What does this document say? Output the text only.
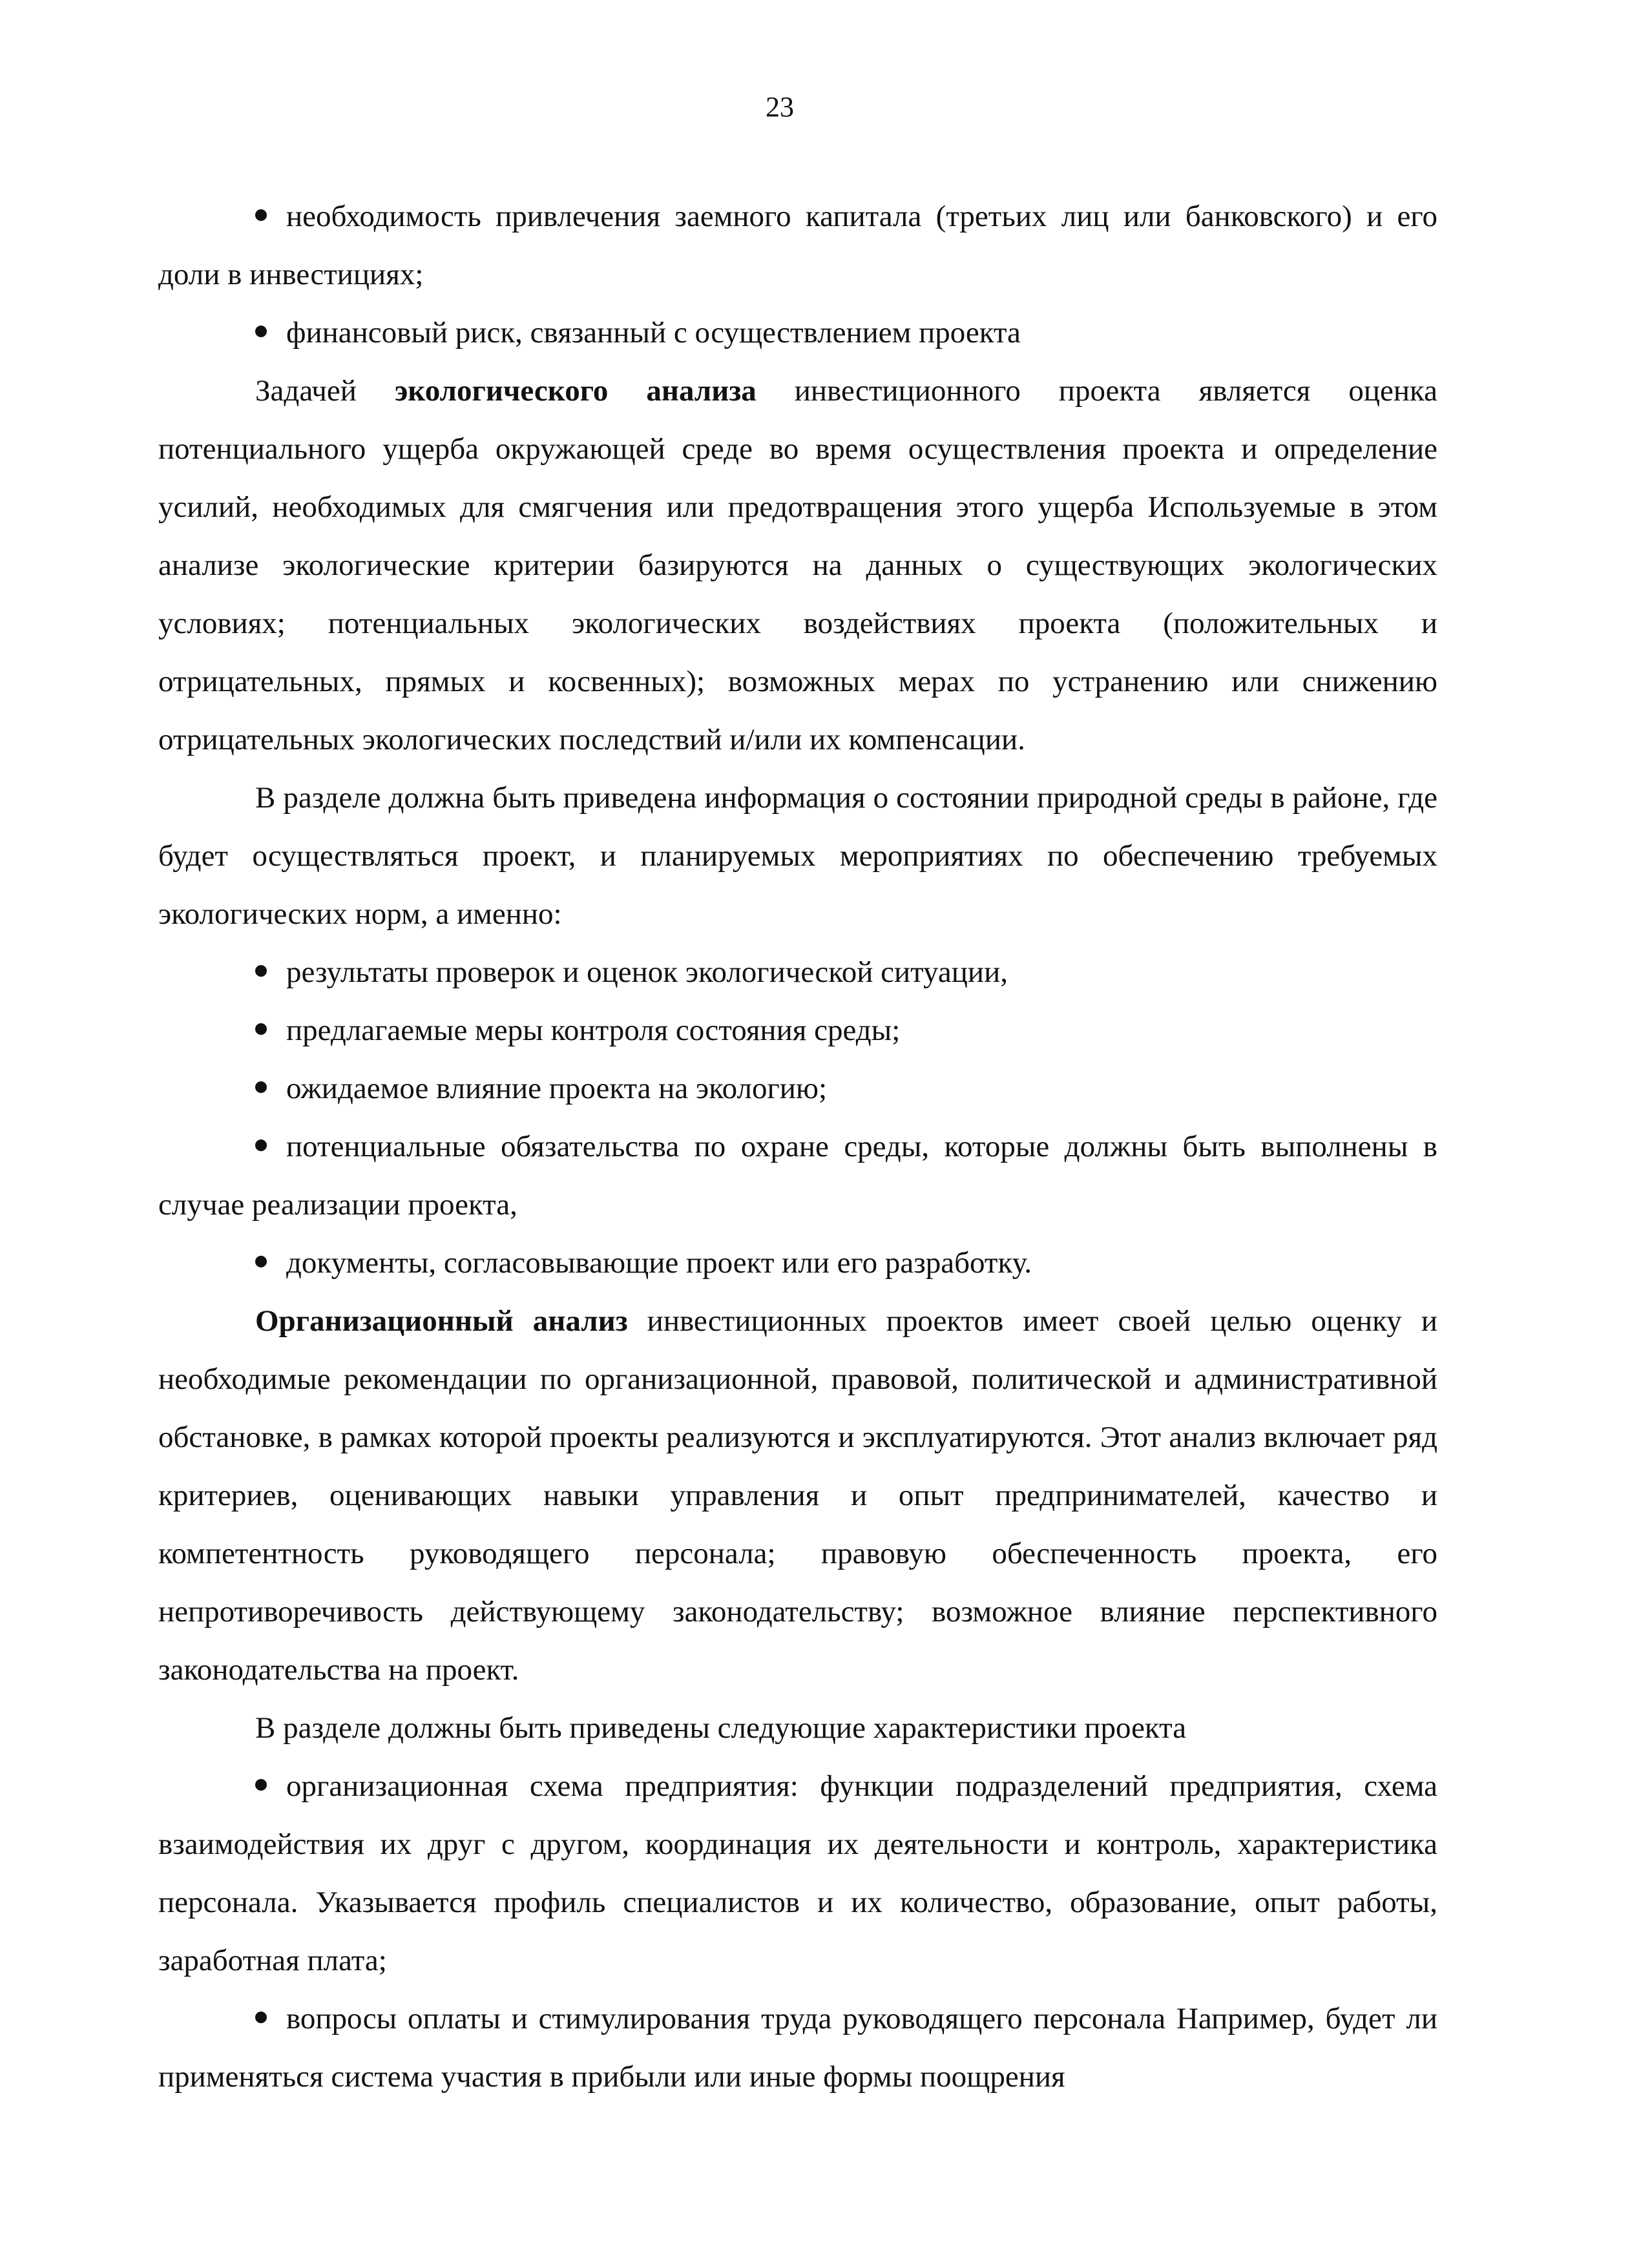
23

необходимость привлечения заемного капитала (третьих лиц или банковского) и его доли в инвестициях;

финансовый риск, связанный с осуществлением проекта

Задачей экологического анализа инвестиционного проекта является оценка потенциального ущерба окружающей среде во время осуществления проекта и определение усилий, необходимых для смягчения или предотвращения этого ущерба Используемые в этом анализе экологические критерии базируются на данных о существующих экологических условиях; потенциальных экологических воздействиях проекта (положительных и отрицательных, прямых и косвенных); возможных мерах по устранению или снижению отрицательных экологических последствий и/или их компенсации.

В разделе должна быть приведена информация о состоянии природной среды в районе, где будет осуществляться проект, и планируемых мероприятиях по обеспечению требуемых экологических норм, а именно:

результаты проверок и оценок экологической ситуации,

предлагаемые меры контроля состояния среды;

ожидаемое влияние проекта на экологию;

потенциальные обязательства по охране среды, которые должны быть выполнены в случае реализации проекта,

документы, согласовывающие проект или его разработку.

Организационный анализ инвестиционных проектов имеет своей целью оценку и необходимые рекомендации по организационной, правовой, политической и административной обстановке, в рамках которой проекты реализуются и эксплуатируются. Этот анализ включает ряд критериев, оценивающих навыки управления и опыт предпринимателей, качество и компетентность руководящего персонала; правовую обеспеченность проекта, его непротиворечивость действующему законодательству; возможное влияние перспективного законодательства на проект.

В разделе должны быть приведены следующие характеристики проекта

организационная схема предприятия: функции подразделений предприятия, схема взаимодействия их друг с другом, координация их деятельности и контроль, характеристика персонала. Указывается профиль специалистов и их количество, образование, опыт работы, заработная плата;

вопросы оплаты и стимулирования труда руководящего персонала Например, будет ли применяться система участия в прибыли или иные формы поощрения
